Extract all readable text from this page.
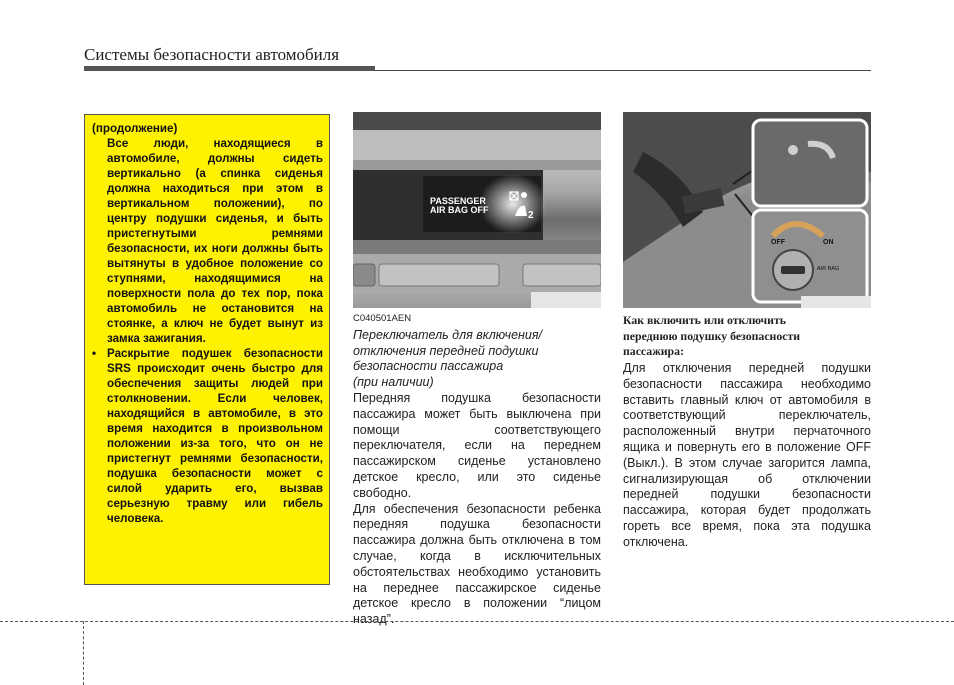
Системы безопасности автомобиля
(продолжение)
Все люди, находящиеся в автомобиле, должны сидеть вертикально (а спинка сиденья должна находиться при этом в вертикальном положении), по центру подушки сиденья, и быть пристегнутыми ремнями безопасности, их ноги должны быть вытянуты в удобное положение со ступнями, находящимися на поверхности пола до тех пор, пока автомобиль не остановится на стоянке, а ключ не будет вынут из замка зажигания.
• Раскрытие подушек безопасности SRS происходит очень быстро для обеспечения защиты людей при столкновении. Если человек, находящийся в автомобиле, в это время находится в произвольном положении из-за того, что он не пристегнут ремнями безопасности, подушка безопасности может с силой ударить его, вызвав серьезную травму или гибель человека.
PASSENGER
AIR BAG OFF	2
C040501AEN
OFF	ON
AIR BAG
Переключатель для включения/
отключения передней подушки
безопасности пассажира
(при наличии)

Передняя подушка безопасности пассажира может быть выключена при помощи соответствующего переключателя, если на переднем пассажирском сиденье установлено детское кресло, или это сиденье свободно.

Для обеспечения безопасности ребенка передняя подушка безопасности пассажира должна быть отключена в том случае, когда в исключительных обстоятельствах необходимо установить на переднее пассажирское сиденье детское кресло в положении “лицом назад”.

Как включить или отключить
переднюю подушку безопасности
пассажира:

Для отключения передней подушки безопасности пассажира необходимо вставить главный ключ от автомобиля в соответствующий переключатель, расположенный внутри перчаточного ящика и повернуть его в положение OFF (Выкл.). В этом случае загорится лампа, сигнализирующая об отключении передней подушки безопасности пассажира, которая будет продолжать гореть все время, пока эта подушка отключена.
